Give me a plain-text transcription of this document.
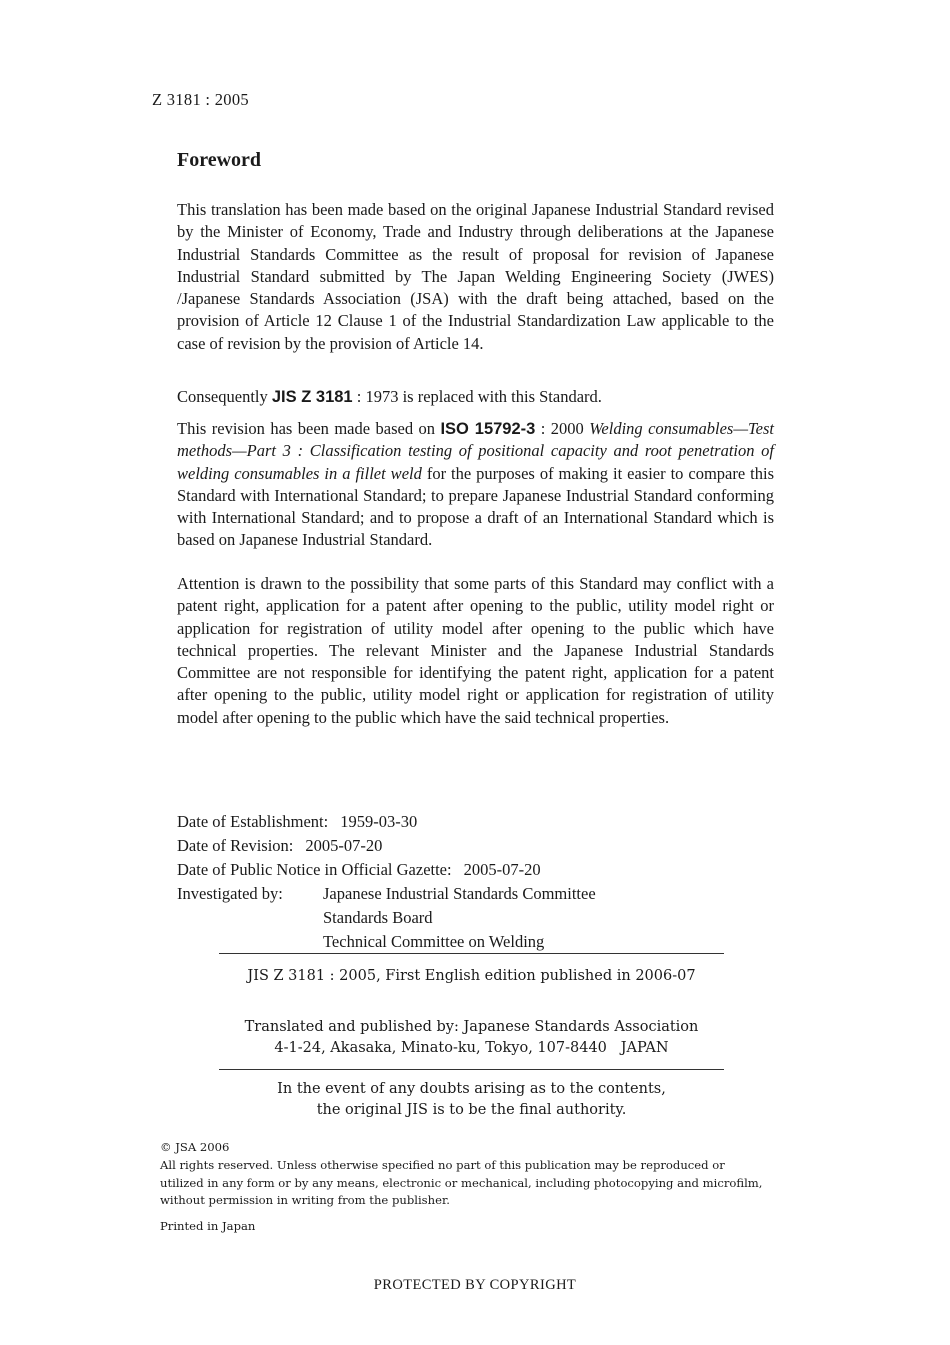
Z 3181 : 2005
Foreword

This translation has been made based on the original Japanese Industrial Standard revised by the Minister of Economy, Trade and Industry through deliberations at the Japanese Industrial Standards Committee as the result of proposal for revision of Japanese Industrial Standard submitted by The Japan Welding Engineering Society (JWES) /Japanese Standards Association (JSA) with the draft being attached, based on the provision of Article 12 Clause 1 of the Industrial Standardization Law applicable to the case of revision by the provision of Article 14.

Consequently JIS Z 3181 : 1973 is replaced with this Standard.

This revision has been made based on ISO 15792-3 : 2000 Welding consumables—Test methods—Part 3 : Classification testing of positional capacity and root penetration of welding consumables in a fillet weld for the purposes of making it easier to compare this Standard with International Standard; to prepare Japanese Industrial Standard conforming with International Standard; and to propose a draft of an International Standard which is based on Japanese Industrial Standard.

Attention is drawn to the possibility that some parts of this Standard may conflict with a patent right, application for a patent after opening to the public, utility model right or application for registration of utility model after opening to the public which have technical properties. The relevant Minister and the Japanese Industrial Standards Committee are not responsible for identifying the patent right, application for a patent after opening to the public, utility model right or application for registration of utility model after opening to the public which have the said technical properties.

Date of Establishment: 1959-03-30
Date of Revision: 2005-07-20
Date of Public Notice in Official Gazette: 2005-07-20
Investigated by:	Japanese Industrial Standards Committee
Standards Board
Technical Committee on Welding
JIS Z 3181 : 2005, First English edition published in 2006-07
Translated and published by: Japanese Standards Association
4-1-24, Akasaka, Minato-ku, Tokyo, 107-8440   JAPAN
In the event of any doubts arising as to the contents,
the original JIS is to be the final authority.
© JSA 2006
All rights reserved. Unless otherwise specified no part of this publication may be reproduced or utilized in any form or by any means, electronic or mechanical, including photocopying and microfilm, without permission in writing from the publisher.
Printed in Japan
PROTECTED BY COPYRIGHT
